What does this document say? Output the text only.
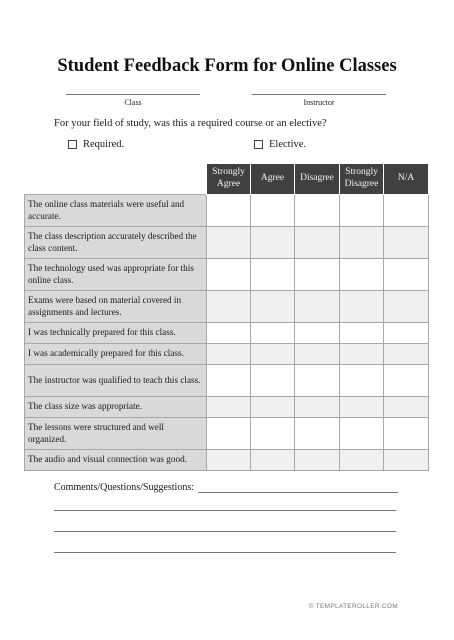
Student Feedback Form for Online Classes
Class	Instructor
For your field of study, was this a required course or an elective?
Required.	Elective.
	Strongly Agree	Agree	Disagree	Strongly Disagree	N/A
The online class materials were useful and accurate.					
The class description accurately described the class content.					
The technology used was appropriate for this online class.					
Exams were based on material covered in assignments and lectures.					
I was technically prepared for this class.					
I was academically prepared for this class.					
The instructor was qualified to teach this class.					
The class size was appropriate.					
The lessons were structured and well organized.					
The audio and visual connection was good.					
Comments/Questions/Suggestions:
© TEMPLATEROLLER.COM
